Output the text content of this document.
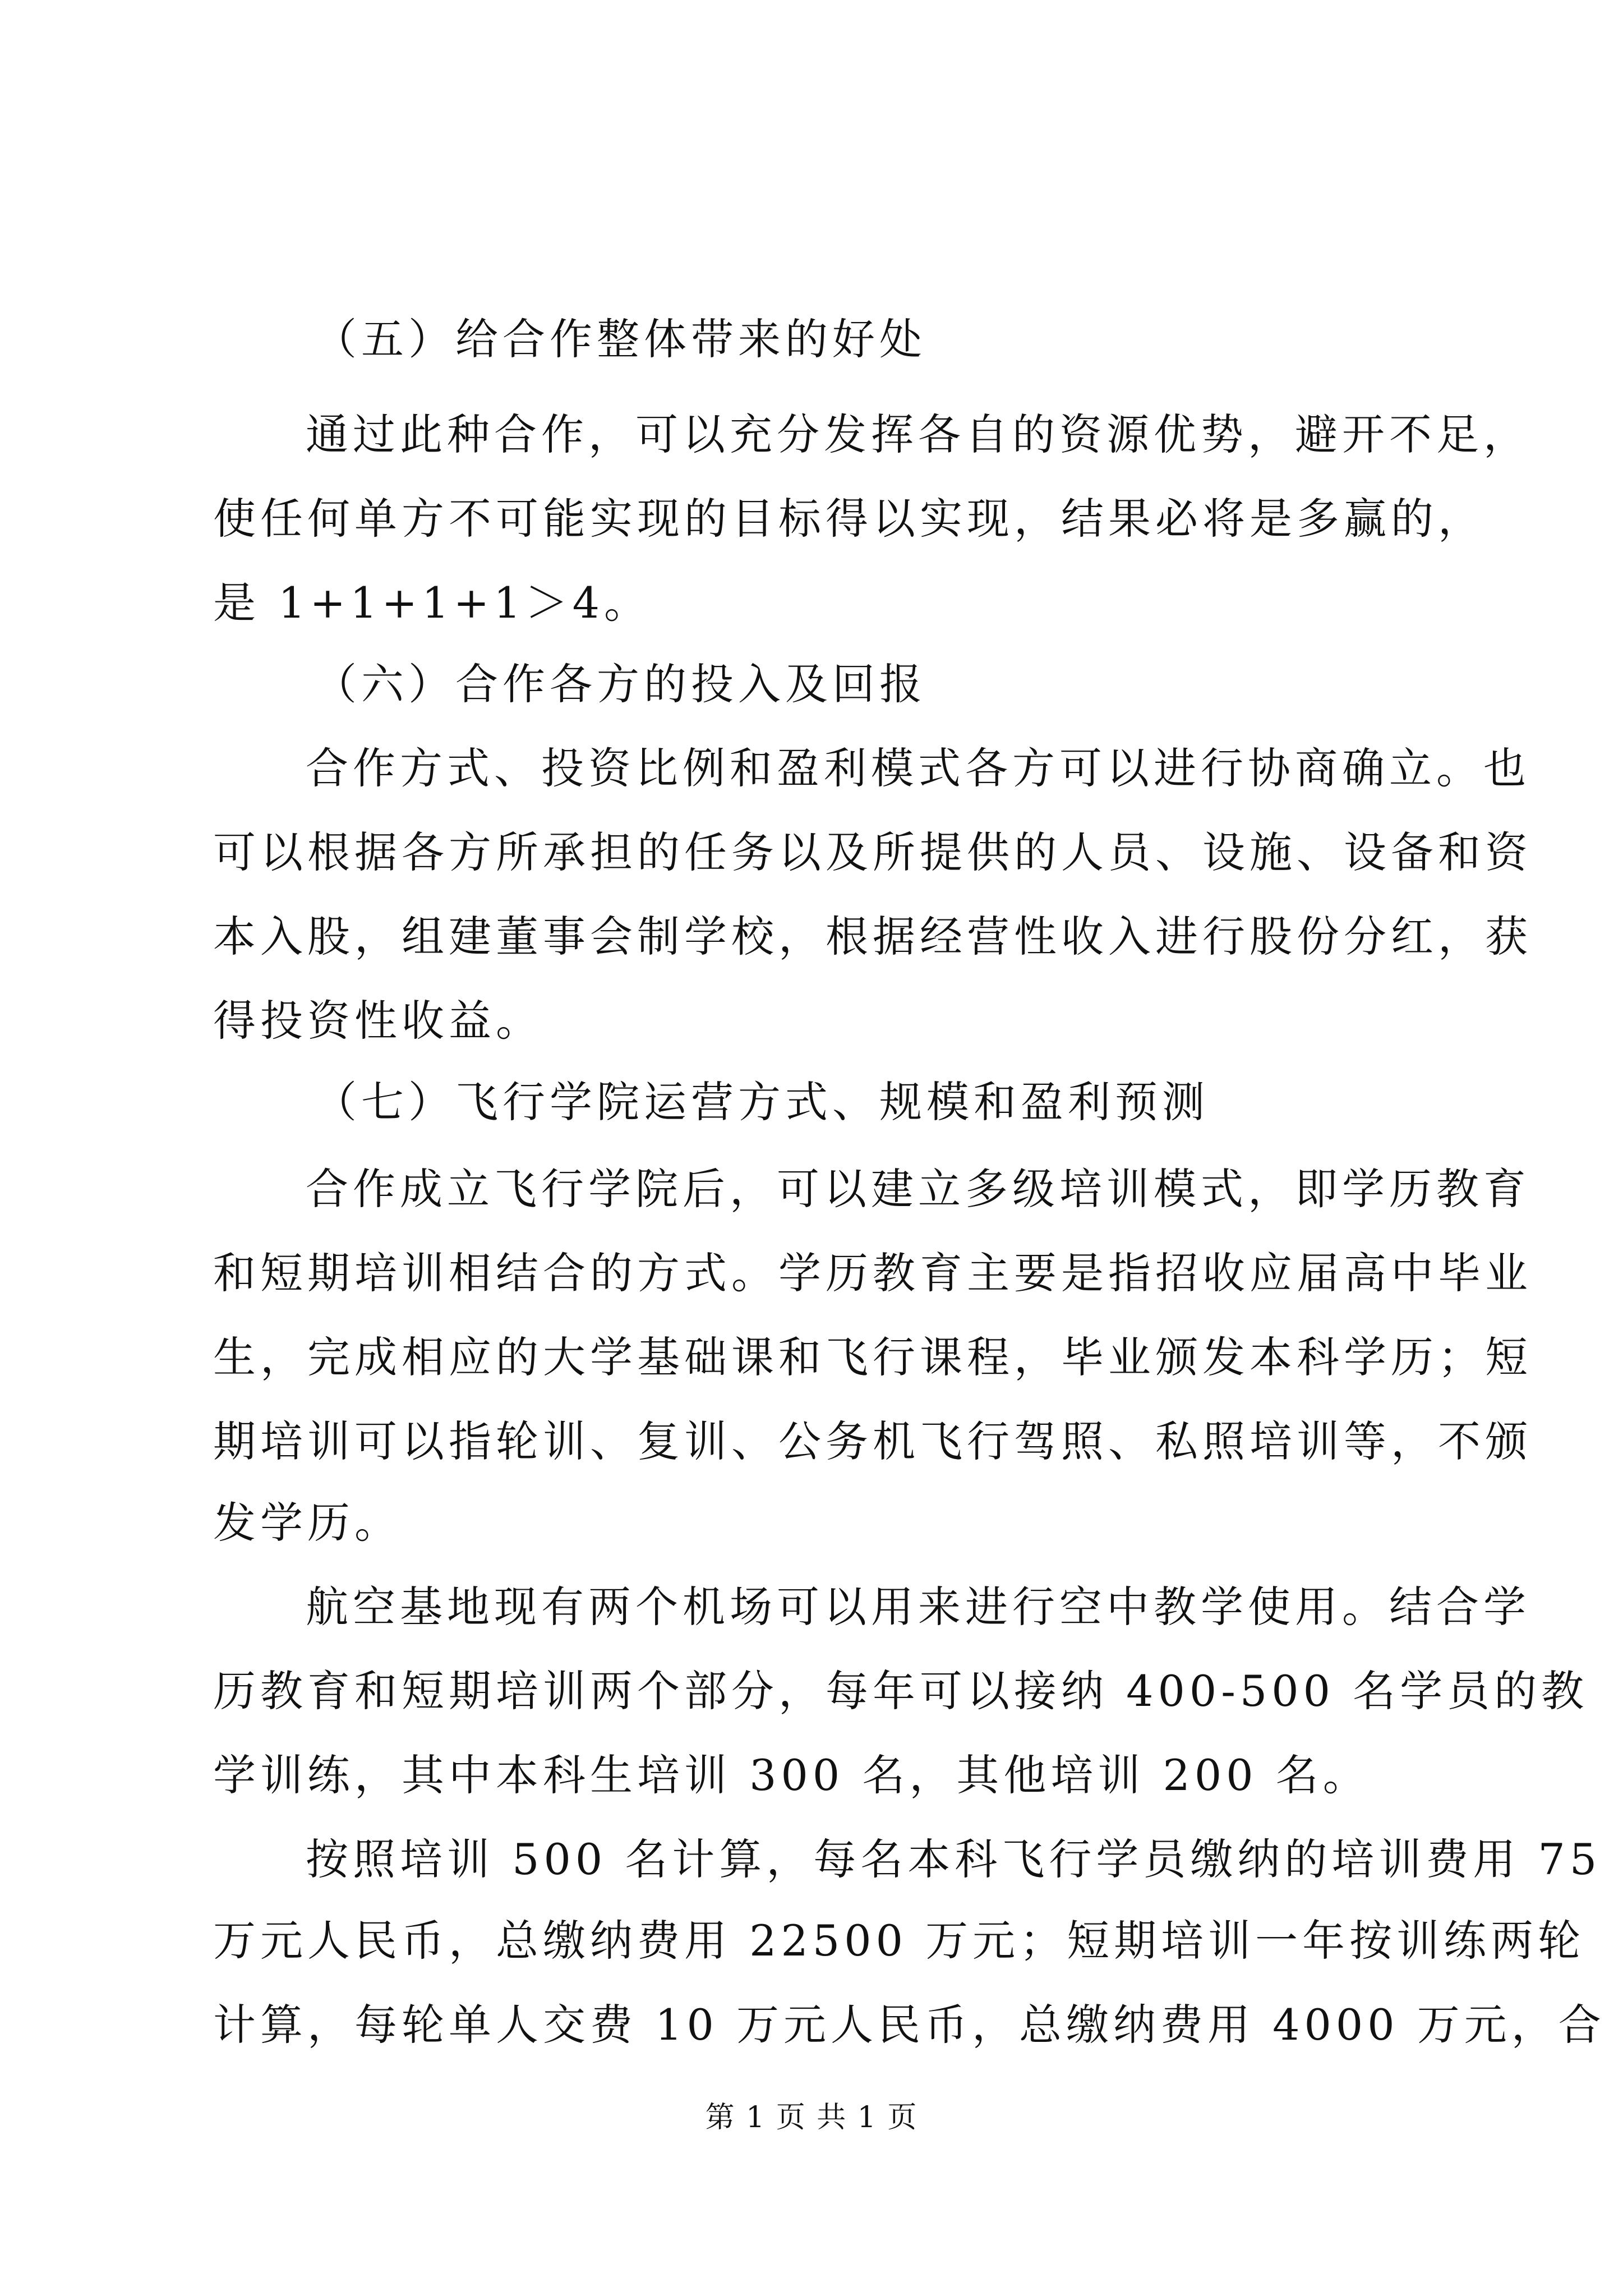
（五）给合作整体带来的好处
通过此种合作，可以充分发挥各自的资源优势，避开不足，
使任何单方不可能实现的目标得以实现，结果必将是多赢的，
是 1+1+1+1＞4。
（六）合作各方的投入及回报
合作方式、投资比例和盈利模式各方可以进行协商确立。也
可以根据各方所承担的任务以及所提供的人员、设施、设备和资
本入股，组建董事会制学校，根据经营性收入进行股份分红，获
得投资性收益。
（七）飞行学院运营方式、规模和盈利预测
合作成立飞行学院后，可以建立多级培训模式，即学历教育
和短期培训相结合的方式。学历教育主要是指招收应届高中毕业
生，完成相应的大学基础课和飞行课程，毕业颁发本科学历；短
期培训可以指轮训、复训、公务机飞行驾照、私照培训等，不颁
发学历。
航空基地现有两个机场可以用来进行空中教学使用。结合学
历教育和短期培训两个部分，每年可以接纳 400-500 名学员的教
学训练，其中本科生培训 300 名，其他培训 200 名。
按照培训 500 名计算，每名本科飞行学员缴纳的培训费用 75
万元人民币，总缴纳费用 22500 万元；短期培训一年按训练两轮
计算，每轮单人交费 10 万元人民币，总缴纳费用 4000 万元，合
第 1 页 共 1 页
